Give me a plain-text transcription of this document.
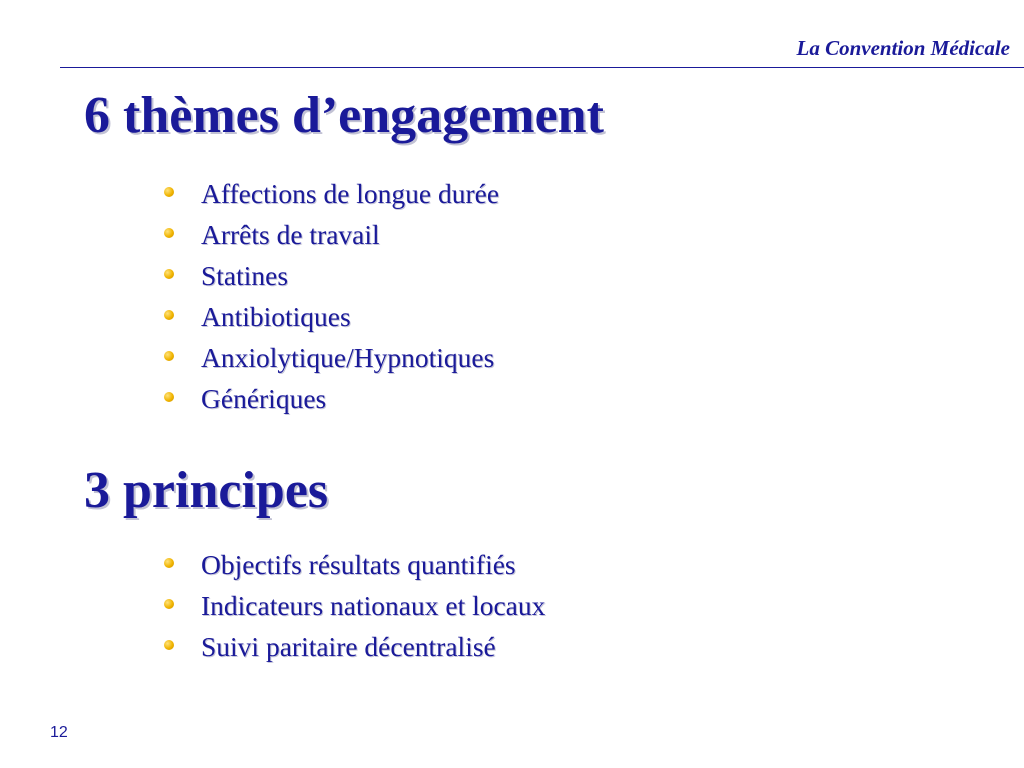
La Convention Médicale
6 thèmes d’engagement
Affections de longue durée
Arrêts de travail
Statines
Antibiotiques
Anxiolytique/Hypnotiques
Génériques
3 principes
Objectifs résultats quantifiés
Indicateurs nationaux et locaux
Suivi paritaire décentralisé
12
